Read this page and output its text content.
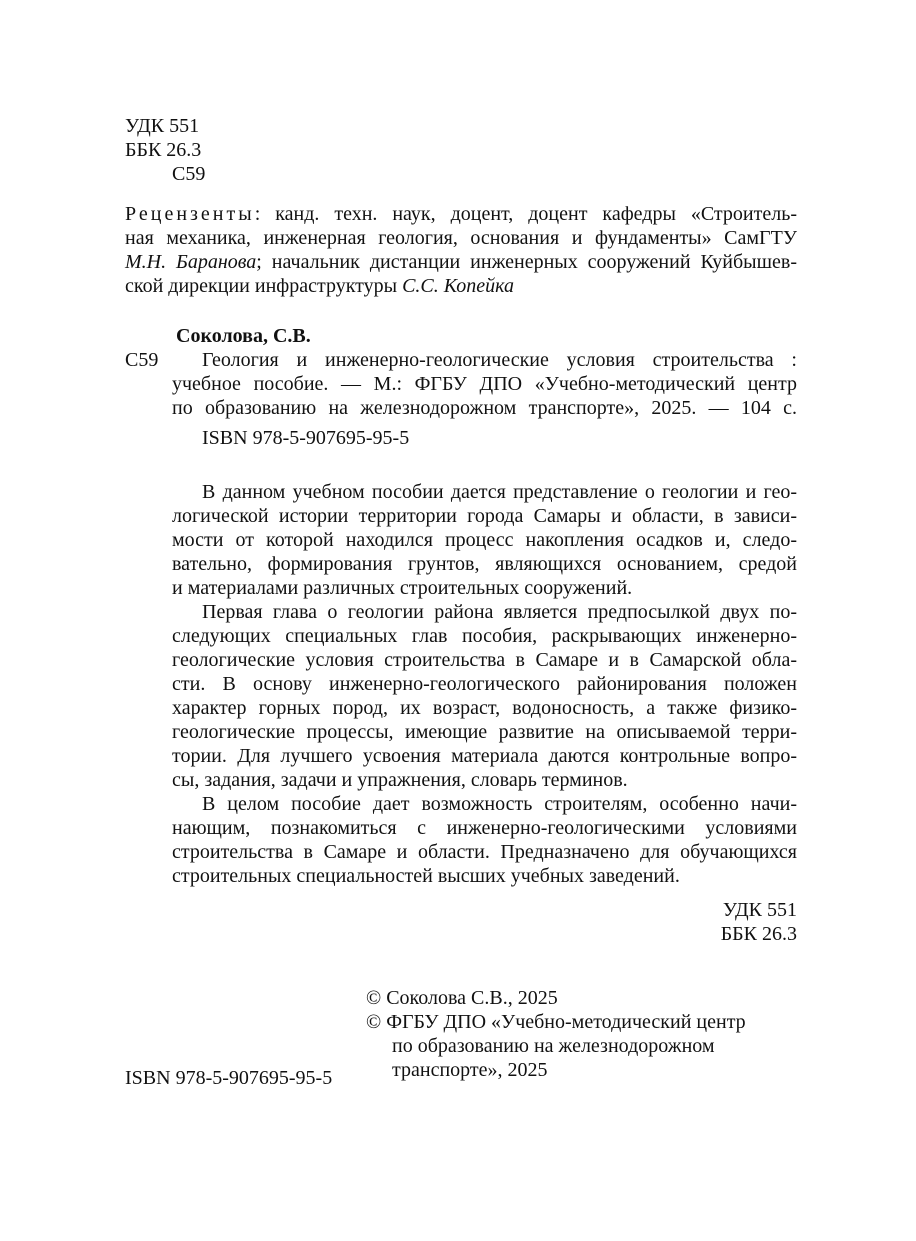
УДК 551
ББК 26.3
С59
Рецензенты: канд. техн. наук, доцент, доцент кафедры «Строитель-
ная механика, инженерная геология, основания и фундаменты» СамГТУ
М.Н. Баранова; начальник дистанции инженерных сооружений Куйбышев-
ской дирекции инфраструктуры С.С. Копейка
Соколова, С.В.
С59 Геология и инженерно-геологические условия строительства :
учебное пособие. — М.: ФГБУ ДПО «Учебно-методический центр
по образованию на железнодорожном транспорте», 2025. — 104 с.
ISBN 978-5-907695-95-5
В данном учебном пособии дается представление о геологии и гео-
логической истории территории города Самары и области, в зависи-
мости от которой находился процесс накопления осадков и, следо-
вательно, формирования грунтов, являющихся основанием, средой
и материалами различных строительных сооружений.
Первая глава о геологии района является предпосылкой двух по-
следующих специальных глав пособия, раскрывающих инженерно-
геологические условия строительства в Самаре и в Самарской обла-
сти. В основу инженерно-геологического районирования положен
характер горных пород, их возраст, водоносность, а также физико-
геологические процессы, имеющие развитие на описываемой терри-
тории. Для лучшего усвоения материала даются контрольные вопро-
сы, задания, задачи и упражнения, словарь терминов.
В целом пособие дает возможность строителям, особенно начи-
нающим, познакомиться с инженерно-геологическими условиями
строительства в Самаре и области. Предназначено для обучающихся
строительных специальностей высших учебных заведений.
УДК 551
ББК 26.3
© Соколова С.В., 2025
© ФГБУ ДПО «Учебно-методический центр
по образованию на железнодорожном
транспорте», 2025
ISBN 978-5-907695-95-5
